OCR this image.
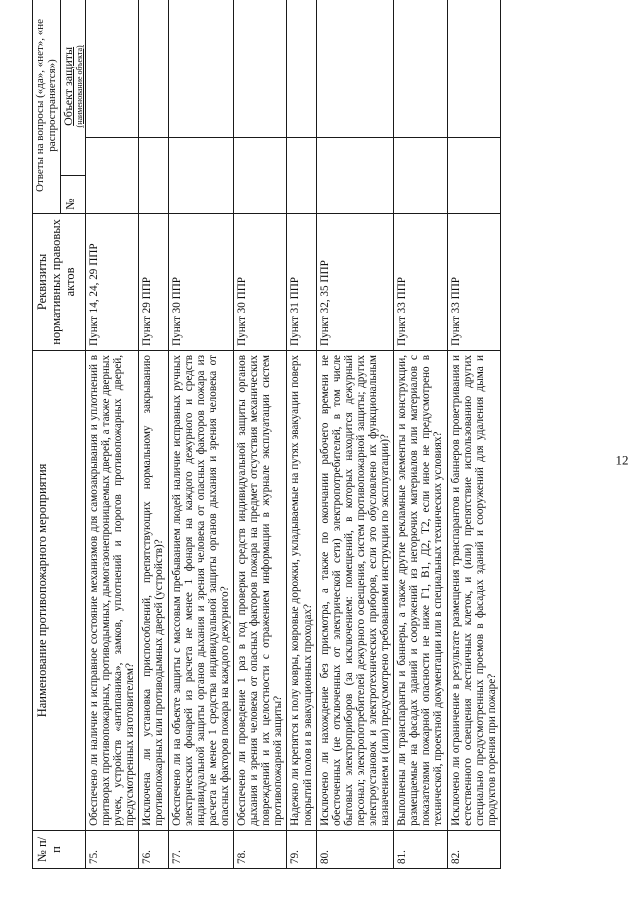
12
№ п/п	Наименование противопожарного мероприятия	Реквизиты нормативных правовых актов	Ответы на вопросы («да», «нет», «не распространяется»)		
			№	Объект защиты (наименование объекта)	

75.	Обеспечено ли наличие и исправное состояние механизмов для самозакрывания и уплотнений в притворах противопожарных, противодымных, дымогазонепроницаемых дверей, а также дверных ручек, устройств «антипаника», замков, уплотнений и порогов противопожарных дверей, предусмотренных изготовителем?	Пункт 14, 24, 29 ППР			
76.	Исключена ли установка приспособлений, препятствующих нормальному закрыванию противопожарных или противодымных дверей (устройств)?	Пункт 29 ППР			
77.	Обеспечено ли на объекте защиты с массовым пребыванием людей наличие исправных ручных электрических фонарей из расчета не менее 1 фонаря на каждого дежурного и средств индивидуальной защиты органов дыхания и зрения человека от опасных факторов пожара из расчета не менее 1 средства индивидуальной защиты органов дыхания и зрения человека от опасных факторов пожара на каждого дежурного?	Пункт 30 ППР			
78.	Обеспечено ли проведение 1 раз в год проверки средств индивидуальной защиты органов дыхания и зрения человека от опасных факторов пожара на предмет отсутствия механических повреждений и их целостности с отражением информации в журнале эксплуатации систем противопожарной защиты?	Пункт 30 ППР			
79.	Надежно ли крепятся к полу ковры, ковровые дорожки, укладываемые на путях эвакуации поверх покрытий полов и в эвакуационных проходах?	Пункт 31 ППР			
80.	Исключено ли нахождение без присмотра, а также по окончании рабочего времени не обесточенных (не отключенных от электрической сети) электропотребителей, в том числе бытовых электроприборов (за исключением: помещений, в которых находится дежурный персонал; электропотребителей дежурного освещения, систем противопожарной защиты; других электроустановок и электротехнических приборов, если это обусловлено их функциональным назначением и (или) предусмотрено требованиями инструкции по эксплуатации)?	Пункт 32, 35 ППР			
81.	Выполнены ли транспаранты и баннеры, а также другие рекламные элементы и конструкции, размещаемые на фасадах зданий и сооружений из негорючих материалов или материалов с показателями пожарной опасности не ниже Г1, В1, Д2, Т2, если иное не предусмотрено в технической, проектной документации или в специальных технических условиях?	Пункт 33 ППР			
82.	Исключено ли ограничение в результате размещения транспарантов и баннеров проветривания и естественного освещения лестничных клеток, и (или) препятствие использованию других специально предусмотренных проемов в фасадах зданий и сооружений для удаления дыма и продуктов горения при пожаре?	Пункт 33 ППР			
